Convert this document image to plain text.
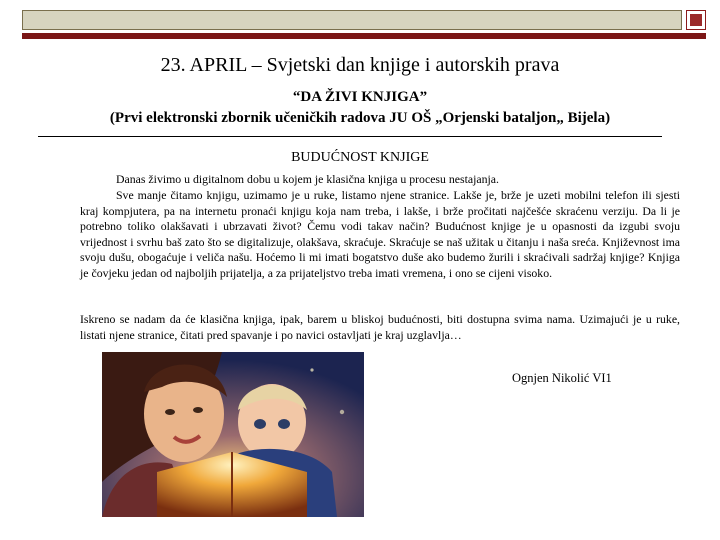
23. APRIL – Svjetski dan knjige i autorskih prava
“DA ŽIVI KNJIGA”
(Prvi elektronski zbornik učeničkih radova JU OŠ „Orjenski bataljon„ Bijela)
BUDUĆNOST KNJIGE
Danas živimo u digitalnom dobu u kojem je klasična knjiga u procesu nestajanja.
Sve manje čitamo knjigu, uzimamo je u ruke, listamo njene stranice. Lakše je, brže je uzeti mobilni telefon ili sjesti kraj kompjutera, pa na internetu pronaći knjigu koja nam treba, i lakše, i brže pročitati najčešće skraćenu verziju. Da li je potrebno toliko olakšavati i ubrzavati život? Čemu vodi takav način? Budućnost knjige je u opasnosti da izgubi svoju vrijednost i svrhu baš zato što se digitalizuje, olakšava, skraćuje. Skraćuje se naš užitak u čitanju i naša sreća. Književnost ima svoju dušu, obogaćuje i veliča našu. Hoćemo li mi imati bogatstvo duše ako budemo žurili i skraćivali sadržaj knjige? Knjiga je čovjeku jedan od najboljih prijatelja, a za prijateljstvo treba imati vremena, i ono se cijeni visoko.
Iskreno se nadam da će klasična knjiga, ipak, barem u bliskoj budućnosti, biti dostupna svima nama. Uzimajući je u ruke, listati njene stranice, čitati pred spavanje i po navici ostavljati je kraj uzglavlja…
Ognjen Nikolić VI1
